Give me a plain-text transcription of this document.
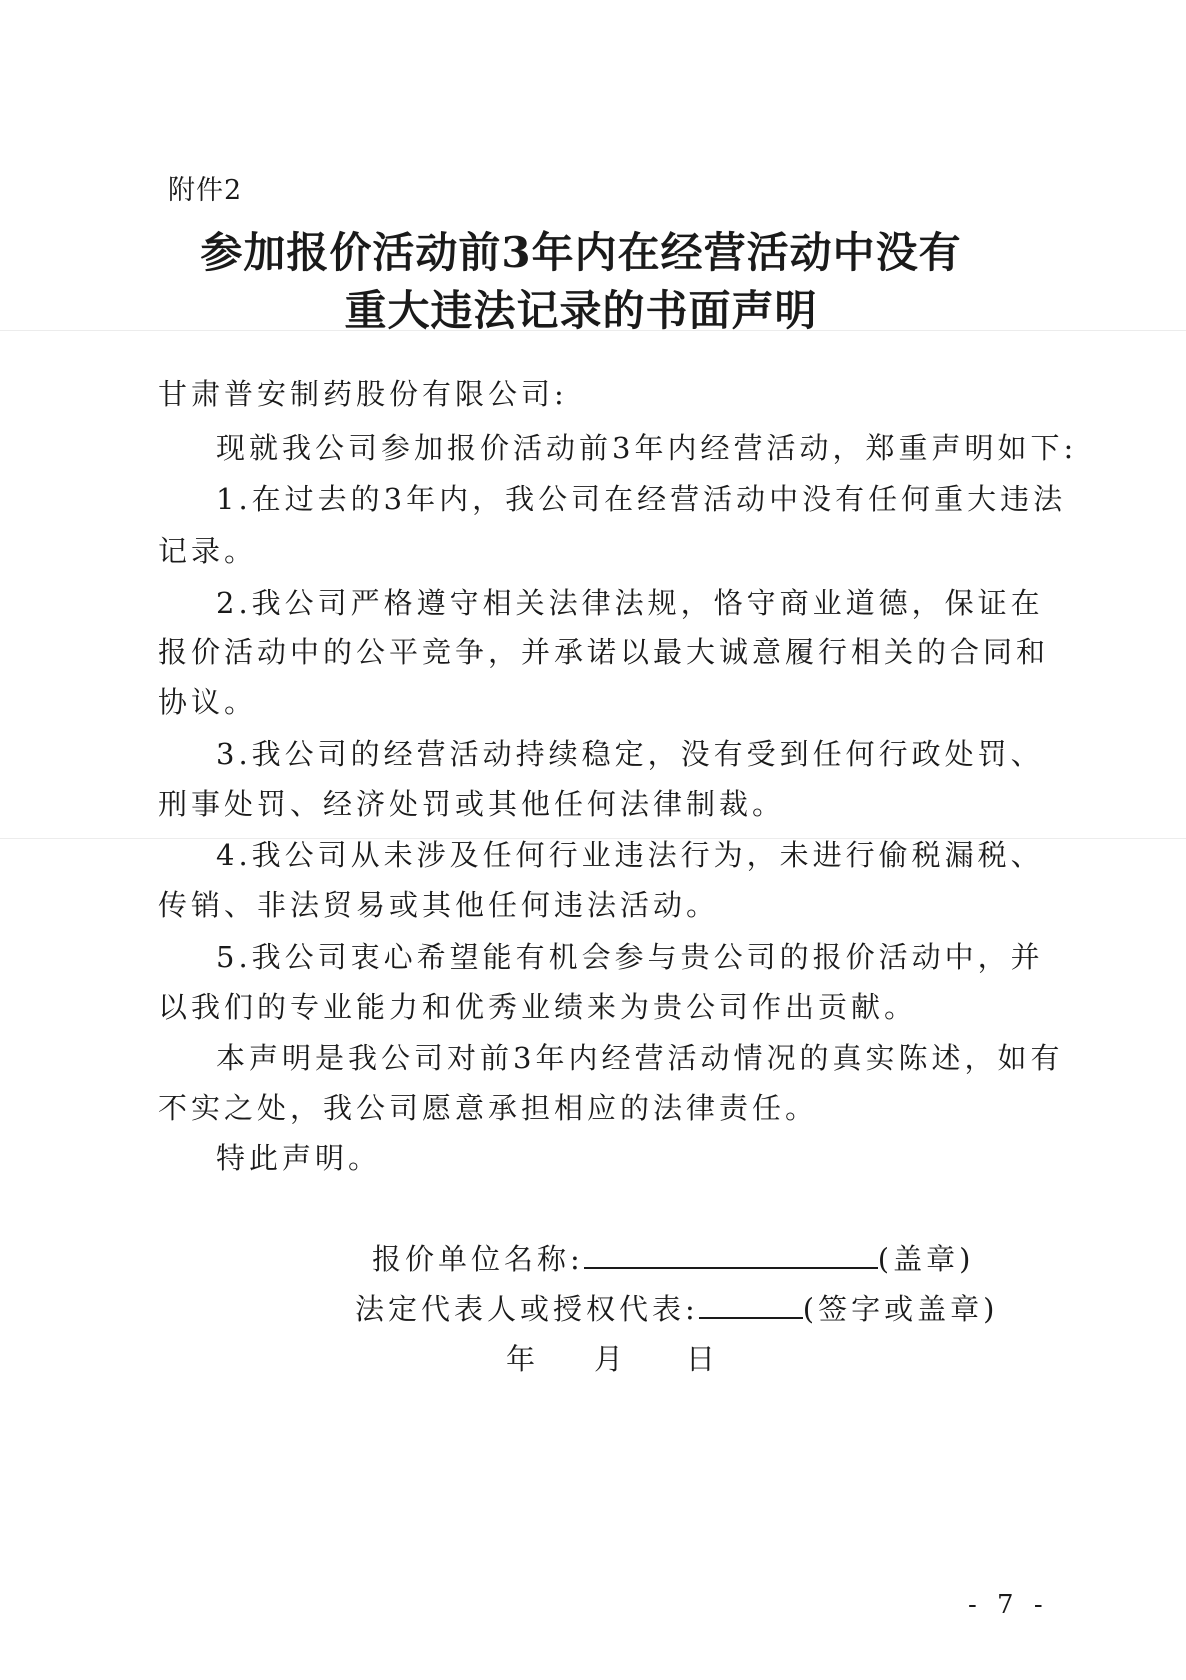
附件2
参加报价活动前3年内在经营活动中没有
重大违法记录的书面声明
甘肃普安制药股份有限公司:
现就我公司参加报价活动前3年内经营活动，郑重声明如下:
1.在过去的3年内，我公司在经营活动中没有任何重大违法
记录。
2.我公司严格遵守相关法律法规，恪守商业道德，保证在
报价活动中的公平竞争，并承诺以最大诚意履行相关的合同和
协议。
3.我公司的经营活动持续稳定，没有受到任何行政处罚、
刑事处罚、经济处罚或其他任何法律制裁。
4.我公司从未涉及任何行业违法行为，未进行偷税漏税、
传销、非法贸易或其他任何违法活动。
5.我公司衷心希望能有机会参与贵公司的报价活动中，并
以我们的专业能力和优秀业绩来为贵公司作出贡献。
本声明是我公司对前3年内经营活动情况的真实陈述，如有
不实之处，我公司愿意承担相应的法律责任。
特此声明。
报价单位名称:	(盖章)
法定代表人或授权代表:	(签字或盖章)
年 月 日
- 7 -
